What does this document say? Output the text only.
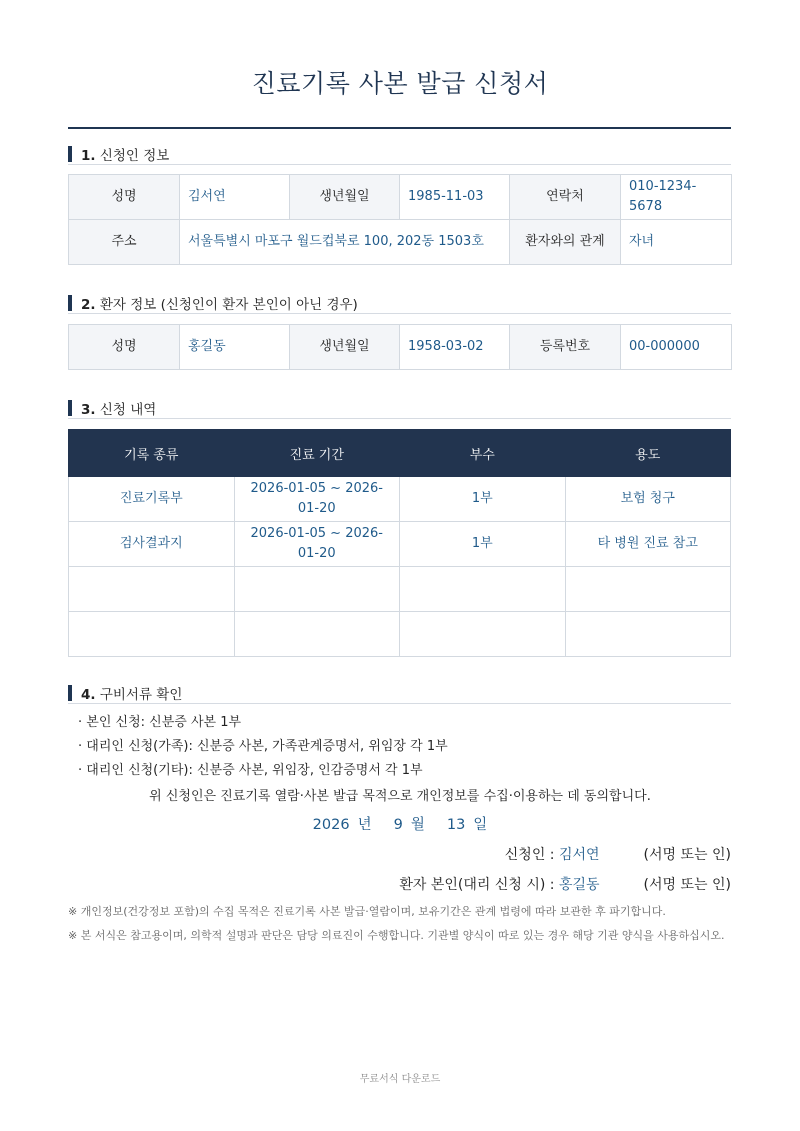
진료기록 사본 발급 신청서
1. 신청인 정보
성명	김서연	생년월일	1985-11-03	연락처	010-1234-5678
주소	서울특별시 마포구 월드컵북로 100, 202동 1503호			환자와의 관계	자녀
2. 환자 정보 (신청인이 환자 본인이 아닌 경우)
성명	홍길동	생년월일	1958-03-02	등록번호	00-000000
3. 신청 내역
기록 종류	진료 기간	부수	용도
진료기록부	2026-01-05 ~ 2026-01-20	1부	보험 청구
검사결과지	2026-01-05 ~ 2026-01-20	1부	타 병원 진료 참고

4. 구비서류 확인
· 본인 신청: 신분증 사본 1부
· 대리인 신청(가족): 신분증 사본, 가족관계증명서, 위임장 각 1부
· 대리인 신청(기타): 신분증 사본, 위임장, 인감증명서 각 1부
위 신청인은 진료기록 열람·사본 발급 목적으로 개인정보를 수집·이용하는 데 동의합니다.
2026 년 9 월 13 일
신청인 : 김서연	(서명 또는 인)
환자 본인(대리 신청 시) : 홍길동	(서명 또는 인)
※ 개인정보(건강정보 포함)의 수집 목적은 진료기록 사본 발급·열람이며, 보유기간은 관계 법령에 따라 보관한 후 파기합니다.
※ 본 서식은 참고용이며, 의학적 설명과 판단은 담당 의료진이 수행합니다. 기관별 양식이 따로 있는 경우 해당 기관 양식을 사용하십시오.
무료서식 다운로드
